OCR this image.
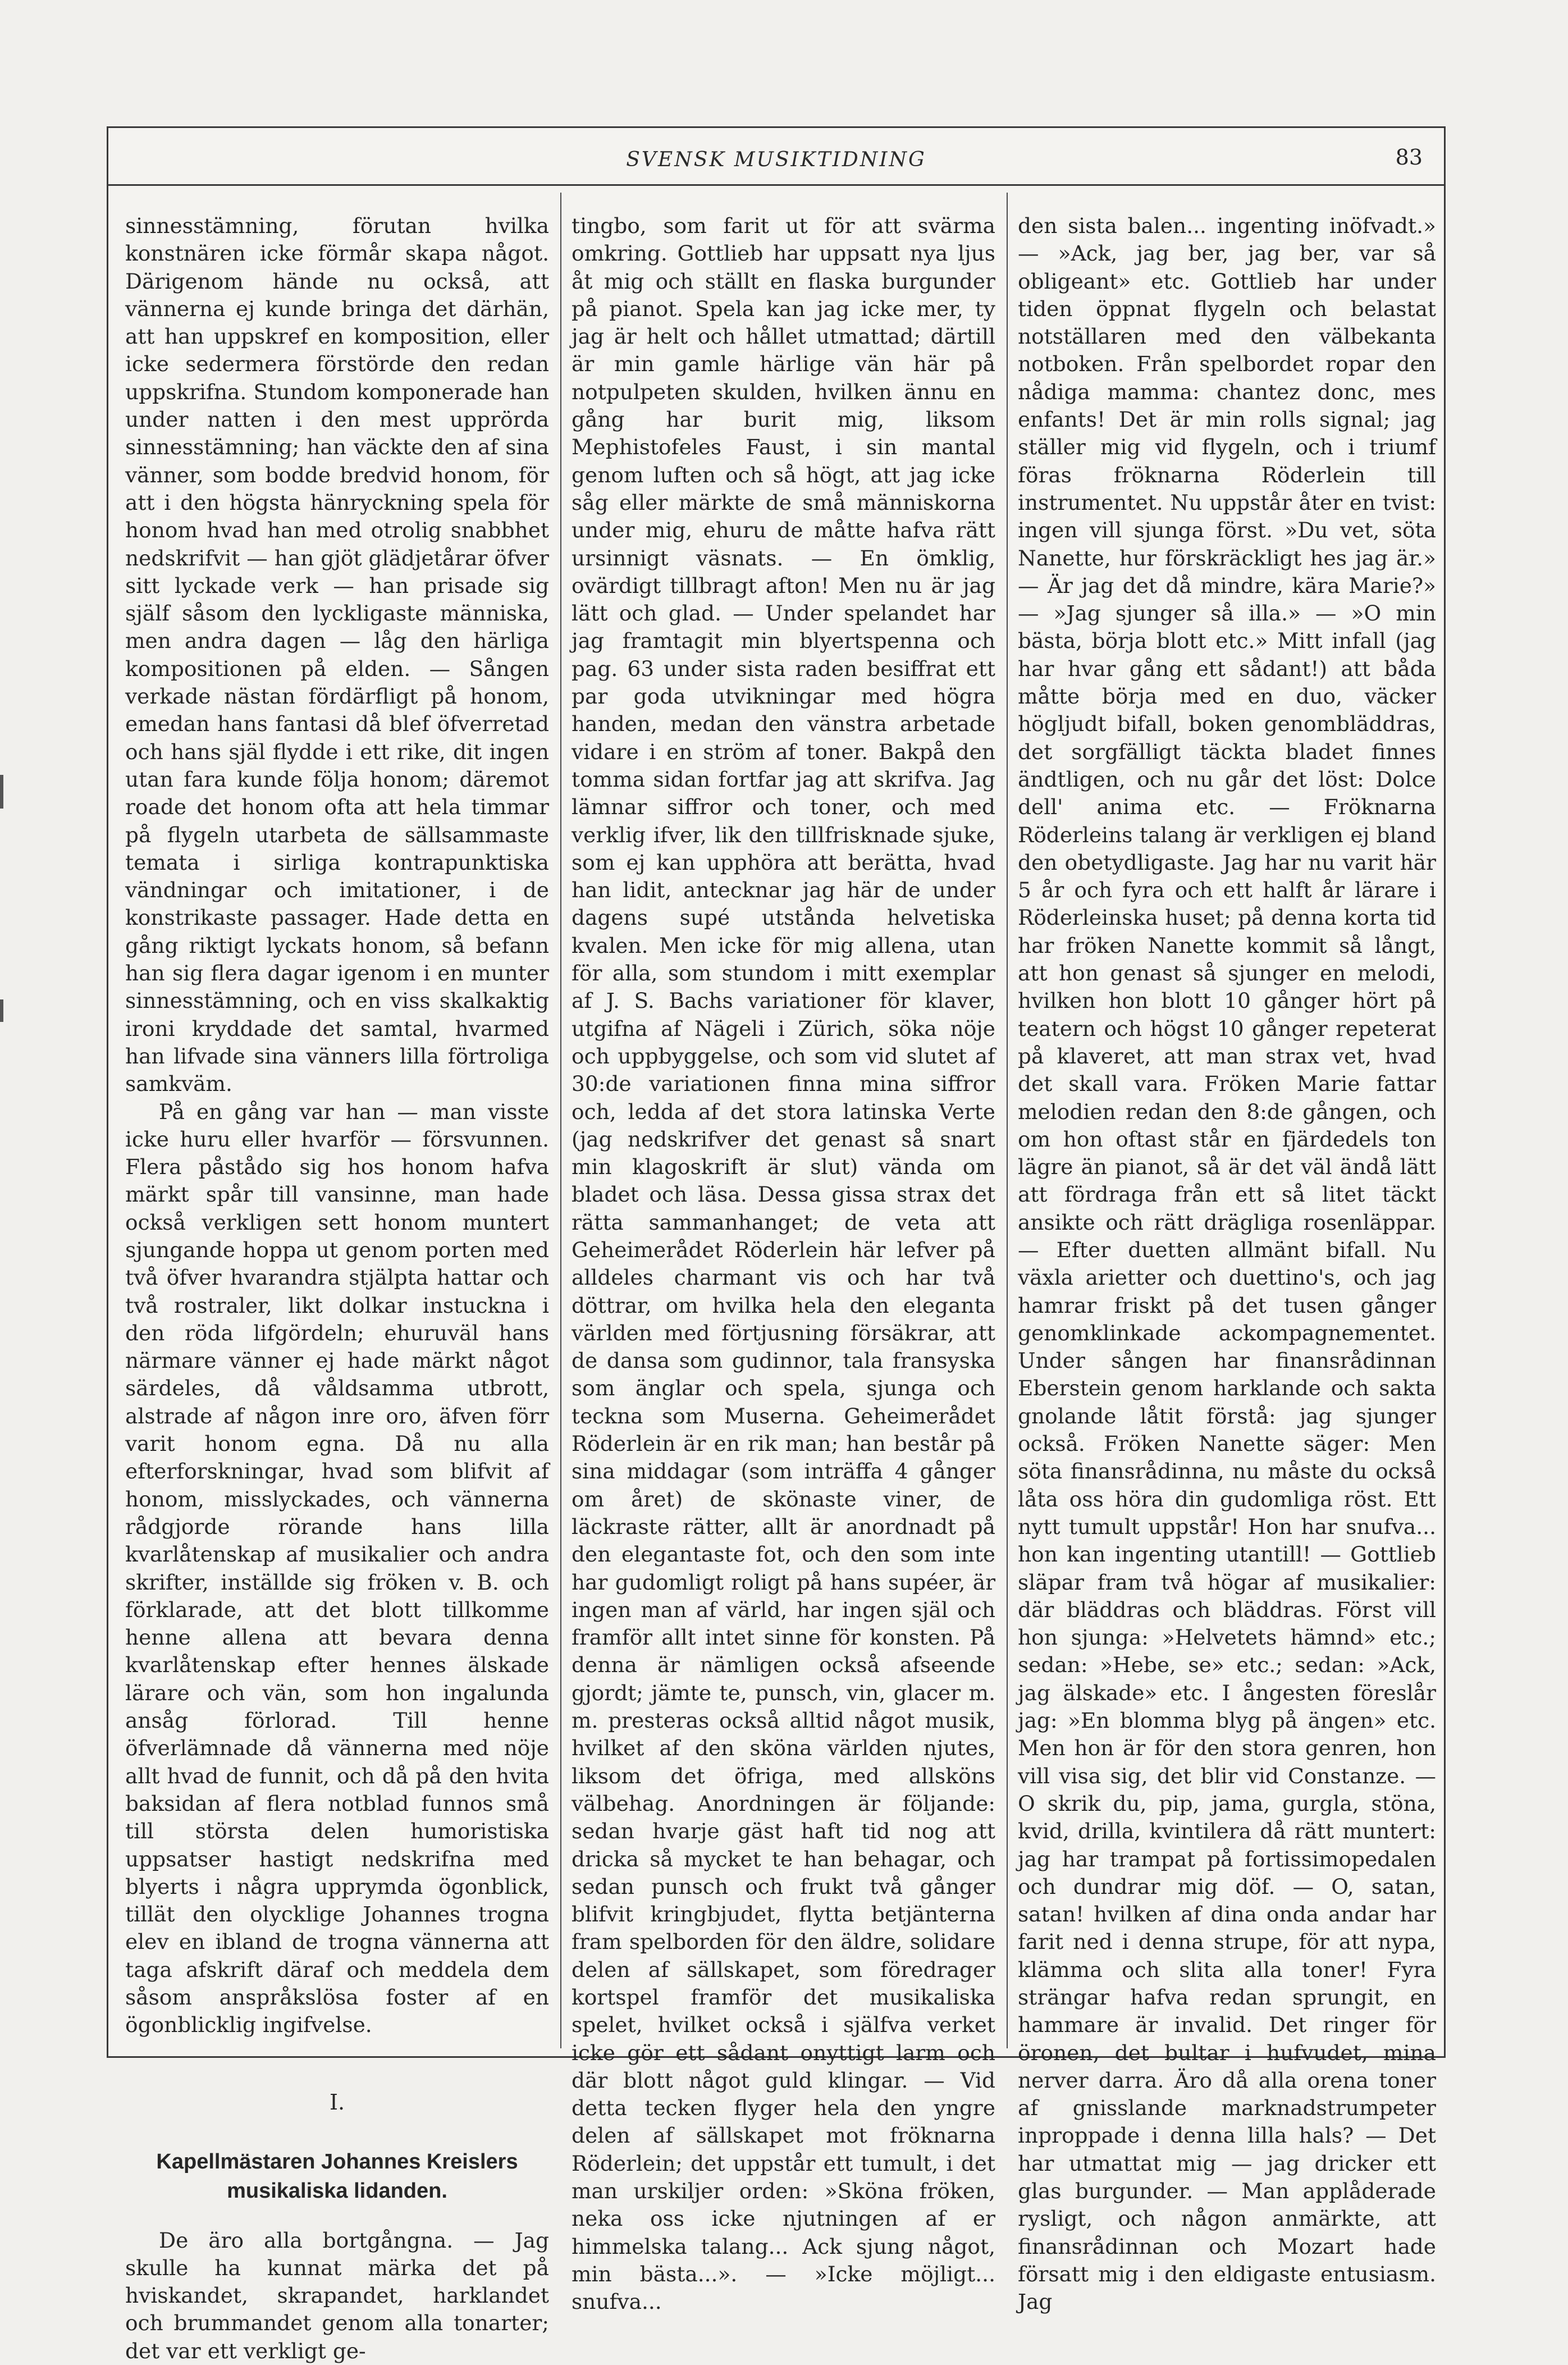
SVENSK MUSIKTIDNING	83

sinnesstämning, förutan hvilka konstnären icke förmår skapa något. Därigenom hände nu också, att vännerna ej kunde bringa det därhän, att han uppskref en komposition, eller icke sedermera förstörde den redan uppskrifna. Stundom komponerade han under natten i den mest upprörda sinnesstämning; han väckte den af sina vänner, som bodde bredvid honom, för att i den högsta hänryckning spela för honom hvad han med otrolig snabbhet nedskrifvit — han gjöt glädjetårar öfver sitt lyckade verk — han prisade sig själf såsom den lyckligaste människa, men andra dagen — låg den härliga kompositionen på elden. — Sången verkade nästan fördärfligt på honom, emedan hans fantasi då blef öfverretad och hans själ flydde i ett rike, dit ingen utan fara kunde följa honom; däremot roade det honom ofta att hela timmar på flygeln utarbeta de sällsammaste temata i sirliga kontrapunktiska vändningar och imitationer, i de konstrikaste passager. Hade detta en gång riktigt lyckats honom, så befann han sig flera dagar igenom i en munter sinnesstämning, och en viss skalkaktig ironi kryddade det samtal, hvarmed han lifvade sina vänners lilla förtroliga samkväm.

På en gång var han — man visste icke huru eller hvarför — försvunnen. Flera påstådo sig hos honom hafva märkt spår till vansinne, man hade också verkligen sett honom muntert sjungande hoppa ut genom porten med två öfver hvarandra stjälpta hattar och två rostraler, likt dolkar instuckna i den röda lifgördeln; ehuruväl hans närmare vänner ej hade märkt något särdeles, då våldsamma utbrott, alstrade af någon inre oro, äfven förr varit honom egna. Då nu alla efterforskningar, hvad som blifvit af honom, misslyckades, och vännerna rådgjorde rörande hans lilla kvarlåtenskap af musikalier och andra skrifter, inställde sig fröken v. B. och förklarade, att det blott tillkomme henne allena att bevara denna kvarlåtenskap efter hennes älskade lärare och vän, som hon ingalunda ansåg förlorad. Till henne öfverlämnade då vännerna med nöje allt hvad de funnit, och då på den hvita baksidan af flera notblad funnos små till största delen humoristiska uppsatser hastigt nedskrifna med blyerts i några upprymda ögonblick, tillät den olycklige Johannes trogna elev en ibland de trogna vännerna att taga afskrift däraf och meddela dem såsom anspråkslösa foster af en ögonblicklig ingifvelse.

I.
Kapellmästaren Johannes Kreislers
musikaliska lidanden.

De äro alla bortgångna. — Jag skulle ha kunnat märka det på hviskandet, skrapandet, harklandet och brummandet genom alla tonarter; det var ett verkligt ge-

tingbo, som farit ut för att svärma omkring. Gottlieb har uppsatt nya ljus åt mig och ställt en flaska burgunder på pianot. Spela kan jag icke mer, ty jag är helt och hållet utmattad; därtill är min gamle härlige vän här på notpulpeten skulden, hvilken ännu en gång har burit mig, liksom Mephistofeles Faust, i sin mantal genom luften och så högt, att jag icke såg eller märkte de små människorna under mig, ehuru de måtte hafva rätt ursinnigt väsnats. — En ömklig, ovärdigt tillbragt afton! Men nu är jag lätt och glad. — Under spelandet har jag framtagit min blyertspenna och pag. 63 under sista raden besiffrat ett par goda utvikningar med högra handen, medan den vänstra arbetade vidare i en ström af toner. Bakpå den tomma sidan fortfar jag att skrifva. Jag lämnar siffror och toner, och med verklig ifver, lik den tillfrisknade sjuke, som ej kan upphöra att berätta, hvad han lidit, antecknar jag här de under dagens supé utstånda helvetiska kvalen. Men icke för mig allena, utan för alla, som stundom i mitt exemplar af J. S. Bachs variationer för klaver, utgifna af Nägeli i Zürich, söka nöje och uppbyggelse, och som vid slutet af 30:de variationen finna mina siffror och, ledda af det stora latinska Verte (jag nedskrifver det genast så snart min klagoskrift är slut) vända om bladet och läsa. Dessa gissa strax det rätta sammanhanget; de veta att Geheimerådet Röderlein här lefver på alldeles charmant vis och har två döttrar, om hvilka hela den eleganta världen med förtjusning försäkrar, att de dansa som gudinnor, tala fransyska som änglar och spela, sjunga och teckna som Muserna. Geheimerådet Röderlein är en rik man; han består på sina middagar (som inträffa 4 gånger om året) de skönaste viner, de läckraste rätter, allt är anordnadt på den elegantaste fot, och den som inte har gudomligt roligt på hans supéer, är ingen man af värld, har ingen själ och framför allt intet sinne för konsten. På denna är nämligen också afseende gjordt; jämte te, punsch, vin, glacer m. m. presteras också alltid något musik, hvilket af den sköna världen njutes, liksom det öfriga, med allsköns välbehag. Anordningen är följande: sedan hvarje gäst haft tid nog att dricka så mycket te han behagar, och sedan punsch och frukt två gånger blifvit kringbjudet, flytta betjänterna fram spelborden för den äldre, solidare delen af sällskapet, som föredrager kortspel framför det musikaliska spelet, hvilket också i själfva verket icke gör ett sådant onyttigt larm och där blott något guld klingar. — Vid detta tecken flyger hela den yngre delen af sällskapet mot fröknarna Röderlein; det uppstår ett tumult, i det man urskiljer orden: »Sköna fröken, neka oss icke njutningen af er himmelska talang... Ack sjung något, min bästa...». — »Icke möjligt... snufva...

den sista balen... ingenting inöfvadt.» — »Ack, jag ber, jag ber, var så obligeant» etc. Gottlieb har under tiden öppnat flygeln och belastat notställaren med den välbekanta notboken. Från spelbordet ropar den nådiga mamma: chantez donc, mes enfants! Det är min rolls signal; jag ställer mig vid flygeln, och i triumf föras fröknarna Röderlein till instrumentet. Nu uppstår åter en tvist: ingen vill sjunga först. »Du vet, söta Nanette, hur förskräckligt hes jag är.» — Är jag det då mindre, kära Marie?» — »Jag sjunger så illa.» — »O min bästa, börja blott etc.» Mitt infall (jag har hvar gång ett sådant!) att båda måtte börja med en duo, väcker högljudt bifall, boken genombläddras, det sorgfälligt täckta bladet finnes ändtligen, och nu går det löst: Dolce dell' anima etc. — Fröknarna Röderleins talang är verkligen ej bland den obetydligaste. Jag har nu varit här 5 år och fyra och ett halft år lärare i Röderleinska huset; på denna korta tid har fröken Nanette kommit så långt, att hon genast så sjunger en melodi, hvilken hon blott 10 gånger hört på teatern och högst 10 gånger repeterat på klaveret, att man strax vet, hvad det skall vara. Fröken Marie fattar melodien redan den 8:de gången, och om hon oftast står en fjärdedels ton lägre än pianot, så är det väl ändå lätt att fördraga från ett så litet täckt ansikte och rätt drägliga rosenläppar. — Efter duetten allmänt bifall. Nu växla arietter och duettino's, och jag hamrar friskt på det tusen gånger genomklinkade ackompagnementet. Under sången har finansrådinnan Eberstein genom harklande och sakta gnolande låtit förstå: jag sjunger också. Fröken Nanette säger: Men söta finansrådinna, nu måste du också låta oss höra din gudomliga röst. Ett nytt tumult uppstår! Hon har snufva... hon kan ingenting utantill! — Gottlieb släpar fram två högar af musikalier: där bläddras och bläddras. Först vill hon sjunga: »Helvetets hämnd» etc.; sedan: »Hebe, se» etc.; sedan: »Ack, jag älskade» etc. I ångesten föreslår jag: »En blomma blyg på ängen» etc. Men hon är för den stora genren, hon vill visa sig, det blir vid Constanze. — O skrik du, pip, jama, gurgla, stöna, kvid, drilla, kvintilera då rätt muntert: jag har trampat på fortissimopedalen och dundrar mig döf. — O, satan, satan! hvilken af dina onda andar har farit ned i denna strupe, för att nypa, klämma och slita alla toner! Fyra strängar hafva redan sprungit, en hammare är invalid. Det ringer för öronen, det bultar i hufvudet, mina nerver darra. Äro då alla orena toner af gnisslande marknadstrumpeter inproppade i denna lilla hals? — Det har utmattat mig — jag dricker ett glas burgunder. — Man applåderade rysligt, och någon anmärkte, att finansrådinnan och Mozart hade försatt mig i den eldigaste entusiasm. Jag
